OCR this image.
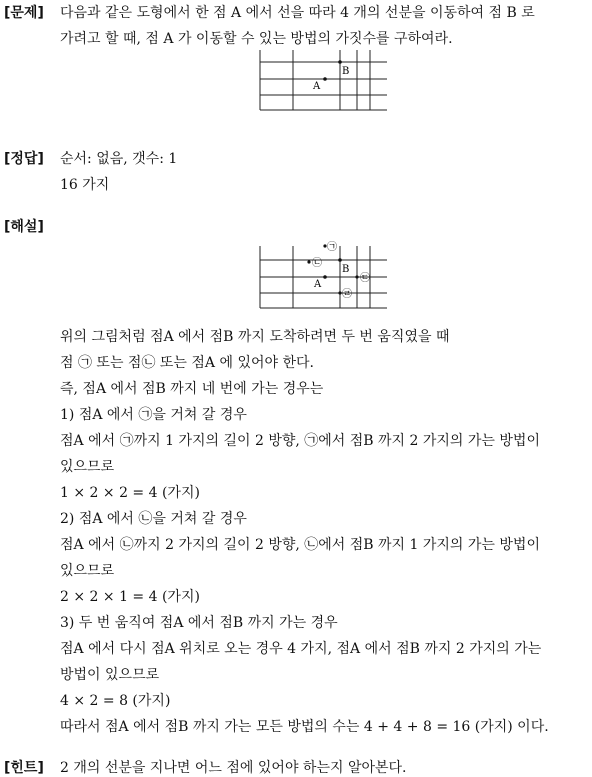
[문제] 다음과 같은 도형에서 한 점 A 에서 선을 따라 4 개의 선분을 이동하여 점 B 로
가려고 할 때, 점 A 가 이동할 수 있는 방법의 가짓수를 구하여라.
A
B
[정답] 순서: 없음, 갯수: 1
16 가지
[해설]
A
B
㉠
㉡
㉢
㉣
위의 그림처럼 점A 에서 점B 까지 도착하려면 두 번 움직였을 때
점 ㉠ 또는 점㉡ 또는 점A 에 있어야 한다.
즉, 점A 에서 점B 까지 네 번에 가는 경우는
1) 점A 에서 ㉠을 거쳐 갈 경우
점A 에서 ㉠까지 1 가지의 길이 2 방향, ㉠에서 점B 까지 2 가지의 가는 방법이
있으므로
1 × 2 × 2 = 4 (가지)
2) 점A 에서 ㉡을 거쳐 갈 경우
점A 에서 ㉡까지 2 가지의 길이 2 방향, ㉡에서 점B 까지 1 가지의 가는 방법이
있으므로
2 × 2 × 1 = 4 (가지)
3) 두 번 움직여 점A 에서 점B 까지 가는 경우
점A 에서 다시 점A 위치로 오는 경우 4 가지, 점A 에서 점B 까지 2 가지의 가는
방법이 있으므로
4 × 2 = 8 (가지)
따라서 점A 에서 점B 까지 가는 모든 방법의 수는 4 + 4 + 8 = 16 (가지) 이다.
[힌트] 2 개의 선분을 지나면 어느 점에 있어야 하는지 알아본다.
